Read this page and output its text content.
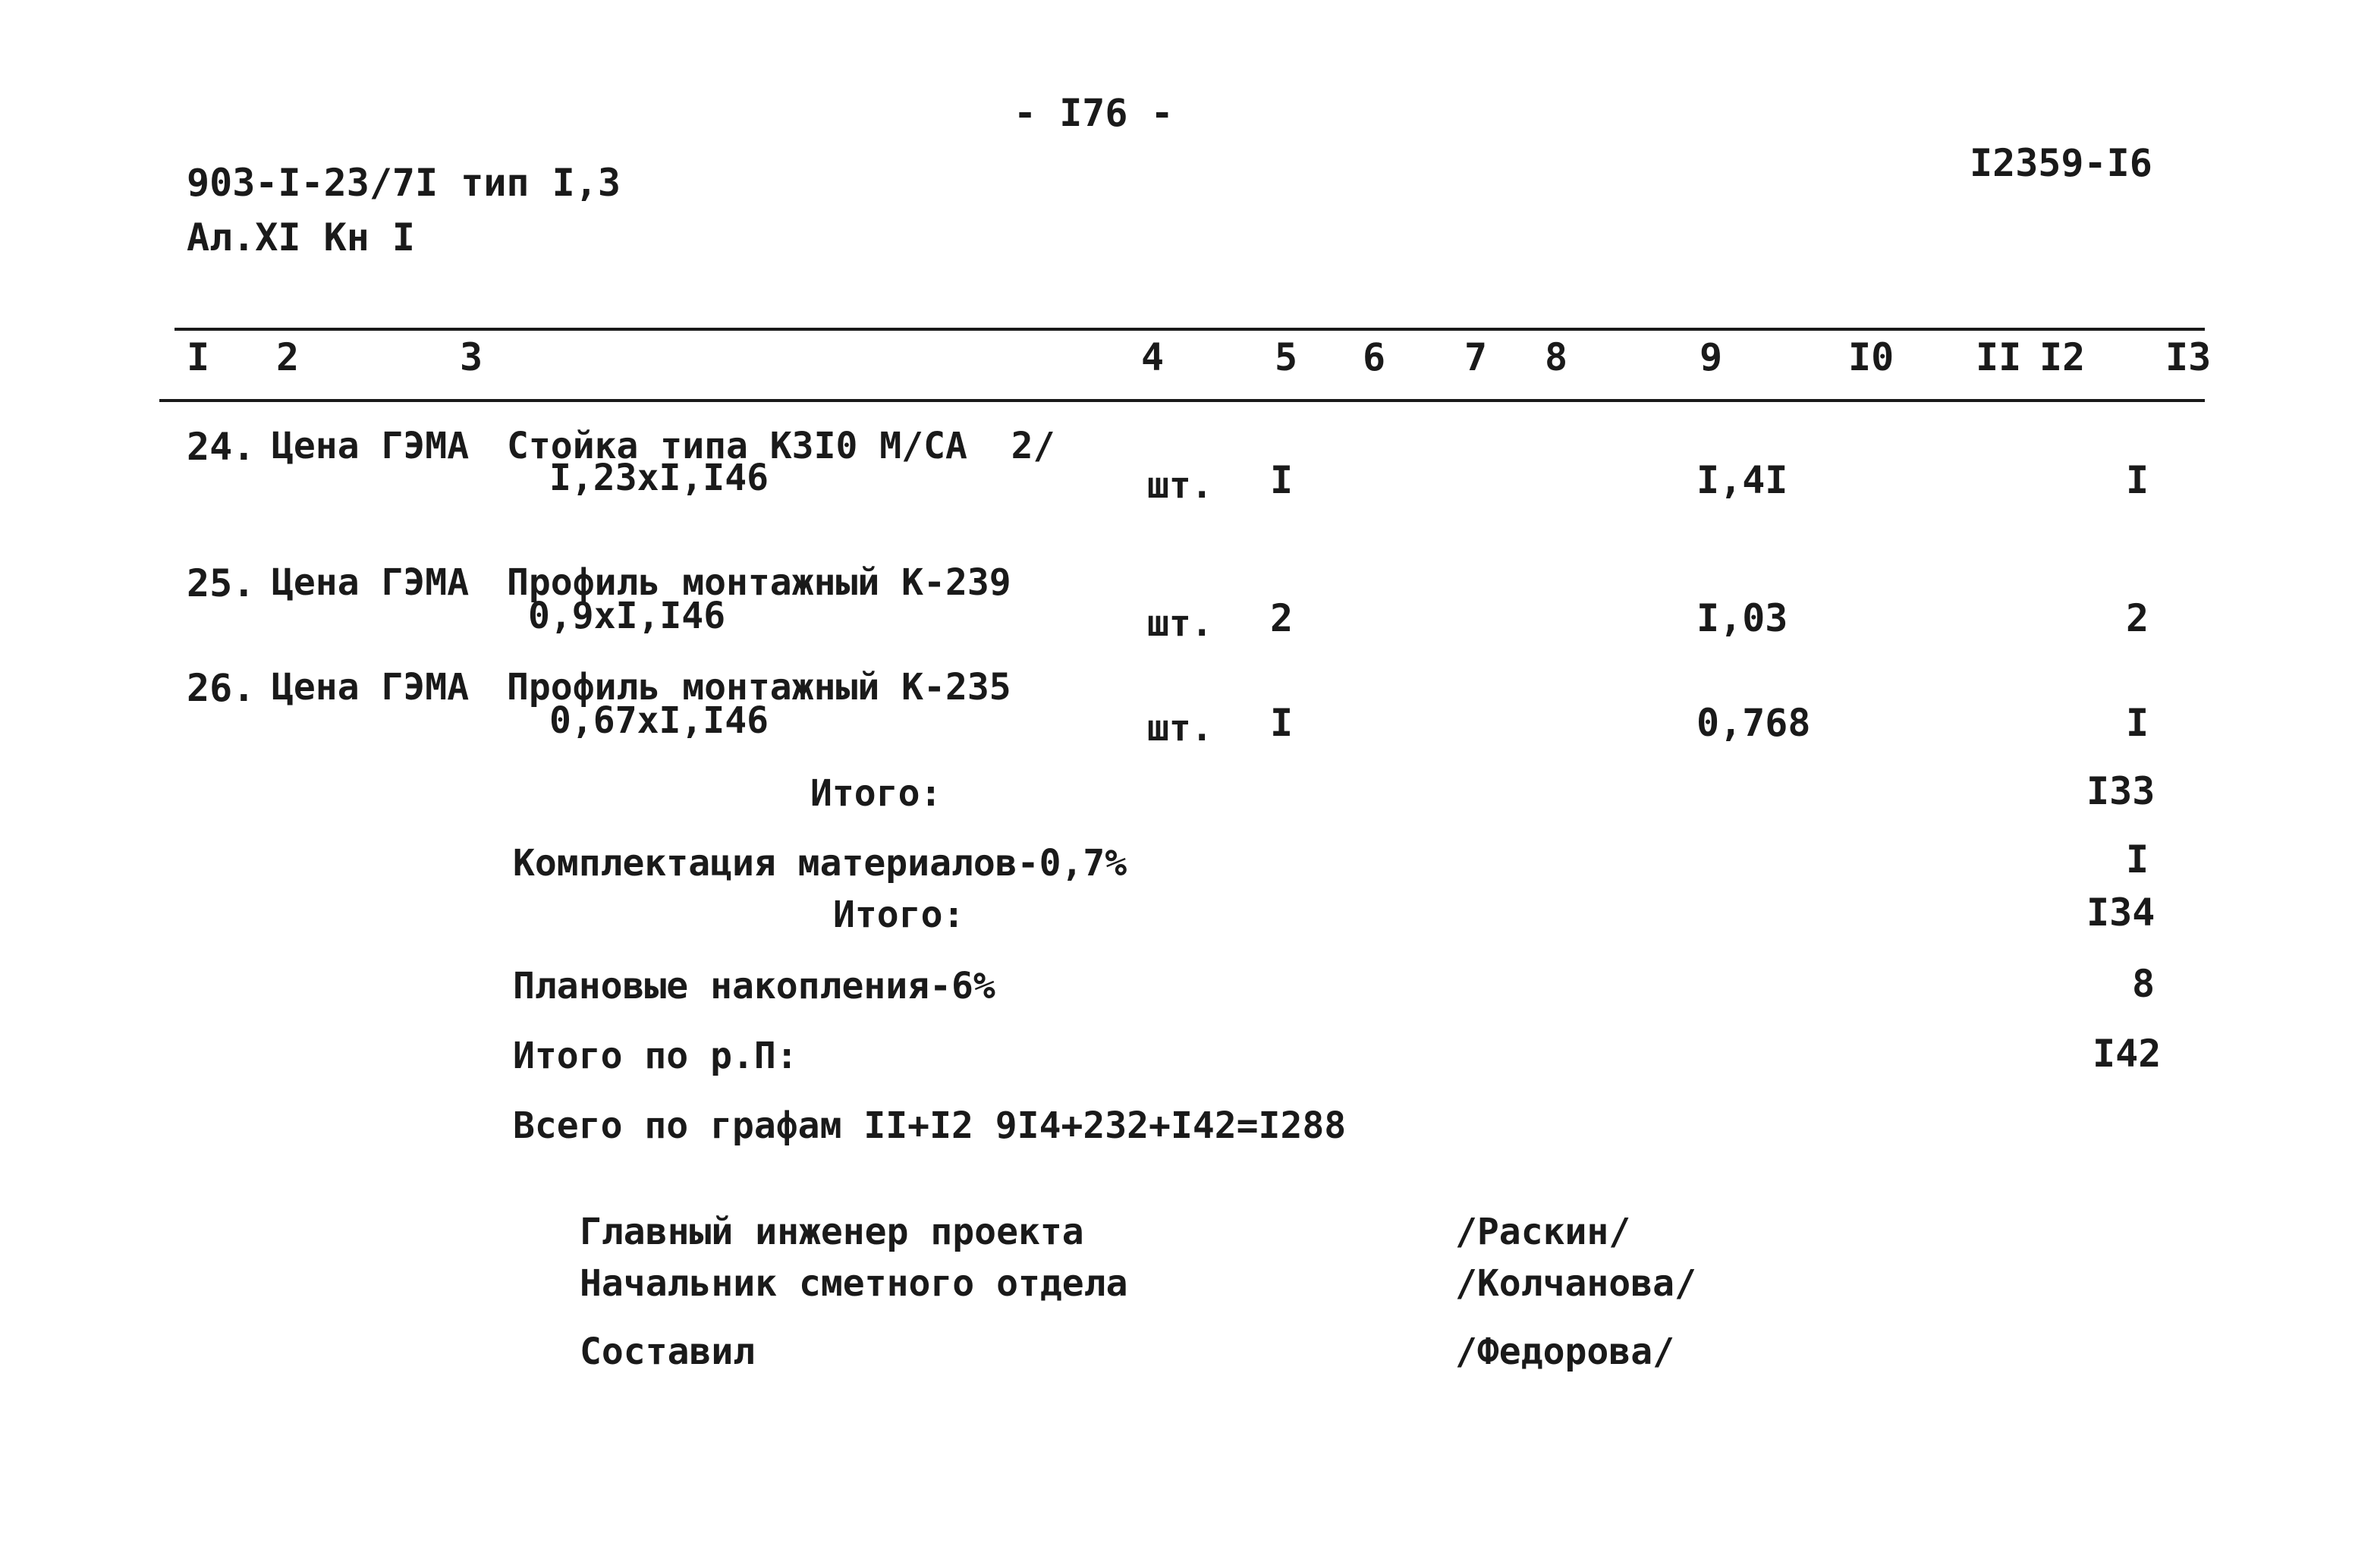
- I76 -
903-I-23/7I тип I,3
Ал.XI Кн I
I2359-I6
I 2	3	4	5 6 7 8	9	I0 II I2 I3
24. Цена ГЭМА Стойка типа КЗI0 М/СА  2/
I,23хI,I46	шт. I	I,4I	I
25. Цена ГЭМА Профиль монтажный К-239
0,9хI,I46	шт. 2	I,03	2
26. Цена ГЭМА Профиль монтажный К-235
0,67хI,I46	шт. I	0,768	I
Итого:	I33
Комплектация материалов-0,7%	I
Итого:	I34
Плановые накопления-6%	8
Итого по р.П:	I42
Всего по графам II+I2 9I4+232+I42=I288
Главный инженер проекта	/Раскин/
Начальник сметного отдела	/Колчанова/
Составил	/Федорова/
